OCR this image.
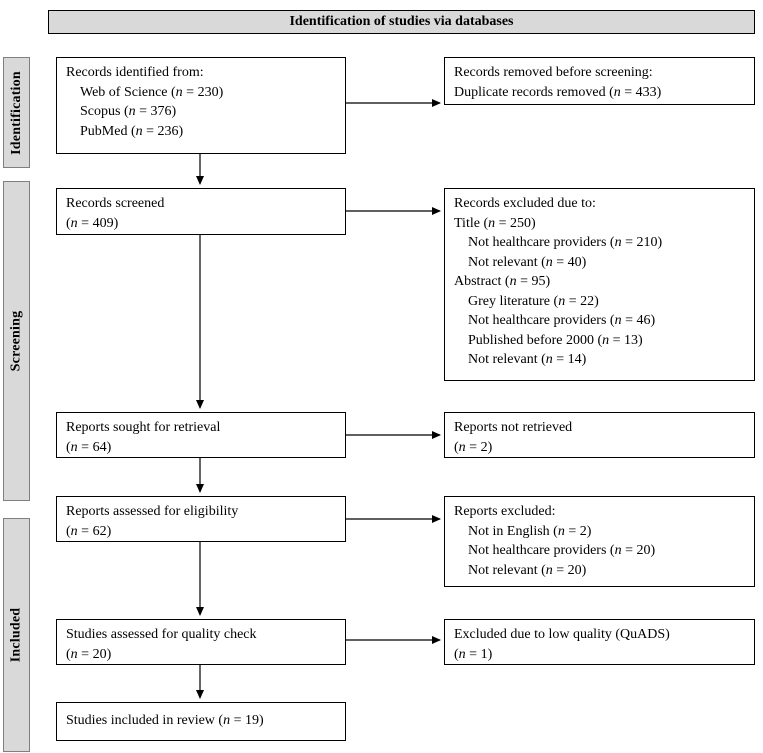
Identification of studies via databases
Identification
Screening
Included
Records identified from:
Web of Science (n = 230)
Scopus (n = 376)
PubMed (n = 236)
Records removed before screening:
Duplicate records removed (n = 433)
Records screened
(n = 409)
Records excluded due to:
Title (n = 250)
Not healthcare providers (n = 210)
Not relevant (n = 40)
Abstract (n = 95)
Grey literature (n = 22)
Not healthcare providers (n = 46)
Published before 2000 (n = 13)
Not relevant (n = 14)
Reports sought for retrieval
(n = 64)
Reports not retrieved
(n = 2)
Reports assessed for eligibility
(n = 62)
Reports excluded:
Not in English (n = 2)
Not healthcare providers (n = 20)
Not relevant (n = 20)
Studies assessed for quality check
(n = 20)
Excluded due to low quality (QuADS)
(n = 1)
Studies included in review (n = 19)
